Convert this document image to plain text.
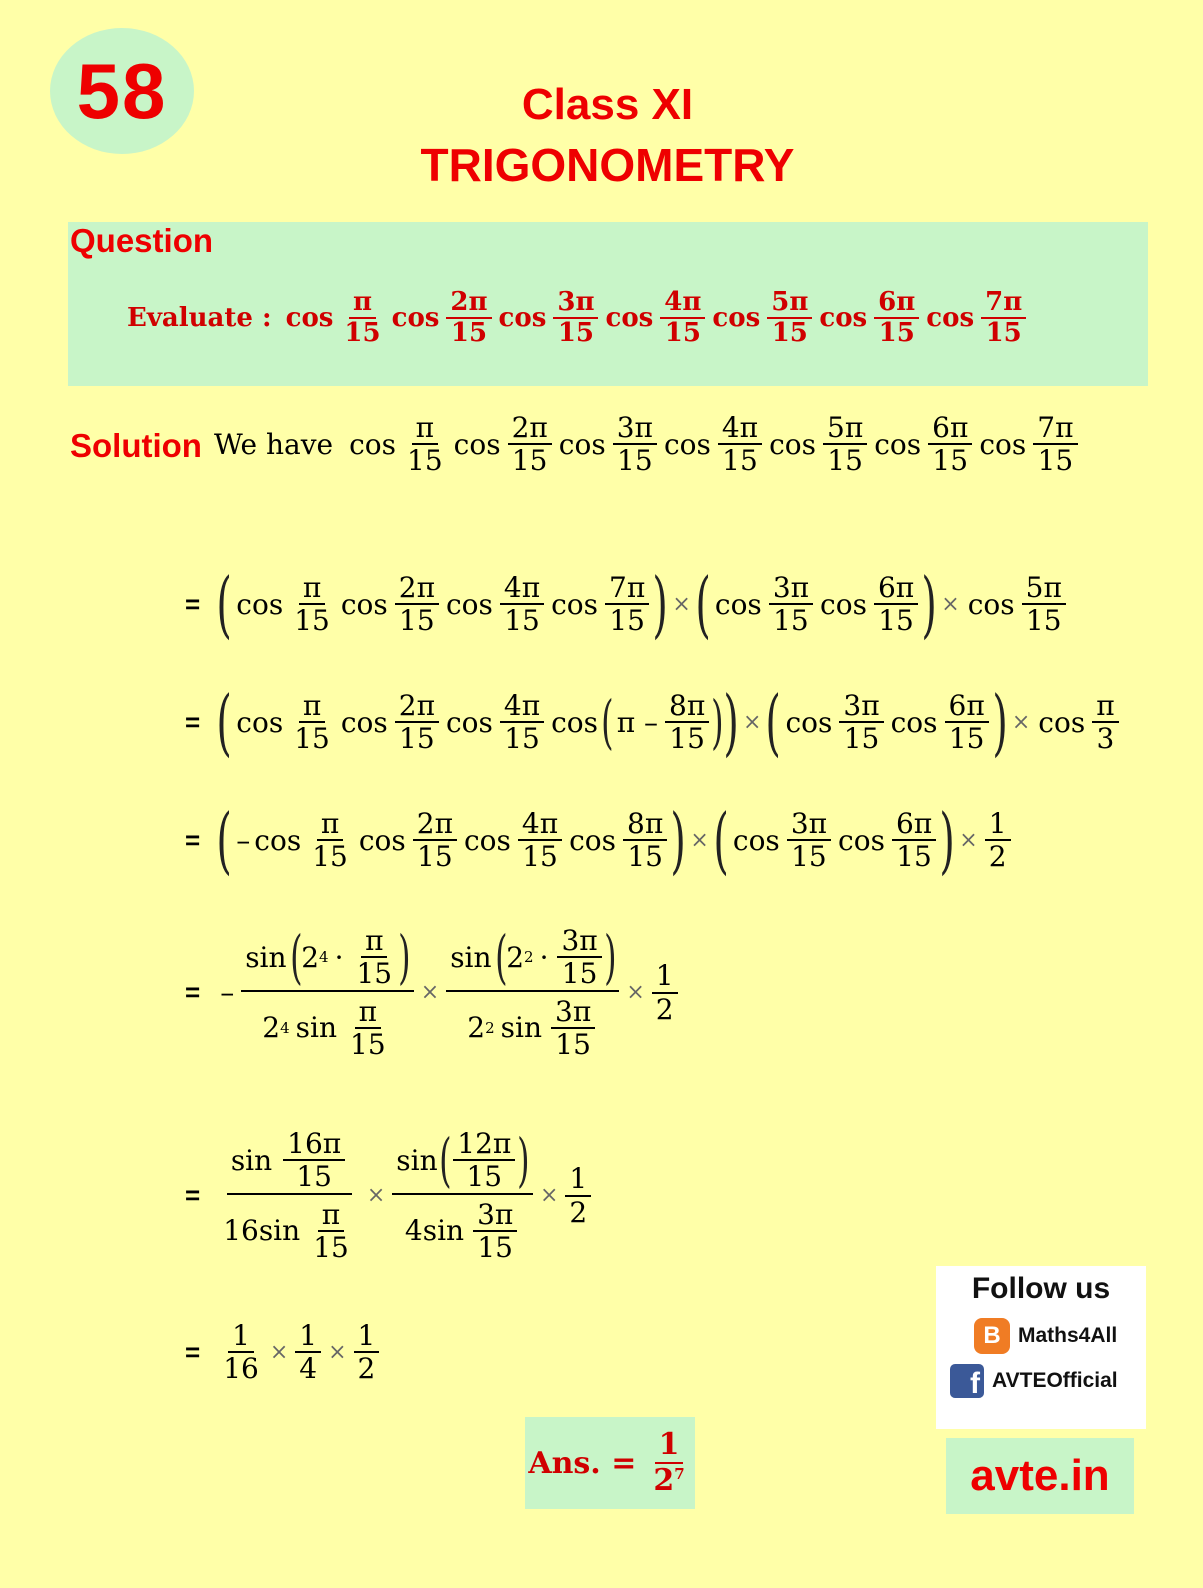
58	Class XI
TRIGONOMETRY
Question
Evaluate : $\cos \frac{\pi}{15}$ $\cos \frac{2\pi}{15}$ $\cos \frac{3\pi}{15}$ $\cos \frac{4\pi}{15}$ $\cos \frac{5\pi}{15}$ $\cos \frac{6\pi}{15}$ $\cos \frac{7\pi}{15}$
Solution We have $\cos \frac{\pi}{15}$ $\cos \frac{2\pi}{15}$ $\cos \frac{3\pi}{15}$ $\cos \frac{4\pi}{15}$ $\cos \frac{5\pi}{15}$ $\cos \frac{6\pi}{15}$ $\cos \frac{7\pi}{15}$
= ( $\cos \frac{\pi}{15}$ $\cos \frac{2\pi}{15}$ $\cos \frac{4\pi}{15}$ $\cos \frac{7\pi}{15}$ ) × ( $\cos \frac{3\pi}{15}$ $\cos \frac{6\pi}{15}$ ) × $\cos \frac{5\pi}{15}$
= ( $\cos \frac{\pi}{15}$ $\cos \frac{2\pi}{15}$ $\cos \frac{4\pi}{15}$ cos ( π – $\frac{8\pi}{15}$ ) ) × ( $\cos \frac{3\pi}{15}$ $\cos \frac{6\pi}{15}$ ) × $\cos \frac{\pi}{3}$
= ( – $\cos \frac{\pi}{15}$ $\cos \frac{2\pi}{15}$ $\cos \frac{4\pi}{15}$ $\cos \frac{8\pi}{15}$ ) × ( $\cos \frac{3\pi}{15}$ $\cos \frac{6\pi}{15}$ ) × $\frac{1}{2}$
= – $\frac{\sin ( 2 4 \cdot \frac{\pi}{15} )}{2 4 \sin \frac{\pi}{15}} \times \frac{\sin ( 2 2 \cdot \frac{3\pi}{15} )}{2 2 \sin \frac{3\pi}{15}} \times \frac{1}{2}$
= $\frac{\sin \frac{16\pi}{15}}{16\sin \frac{\pi}{15}} \times \frac{\sin ( \frac{12\pi}{15} )}{4\sin \frac{3\pi}{15}} \times \frac{1}{2}$
= $\frac{1}{16} \times \frac{1}{4} \times \frac{1}{2}$
Ans. = $\frac{1}{2^7}$
Follow us
B Maths4All
f AVTEOfficial
avte.in
